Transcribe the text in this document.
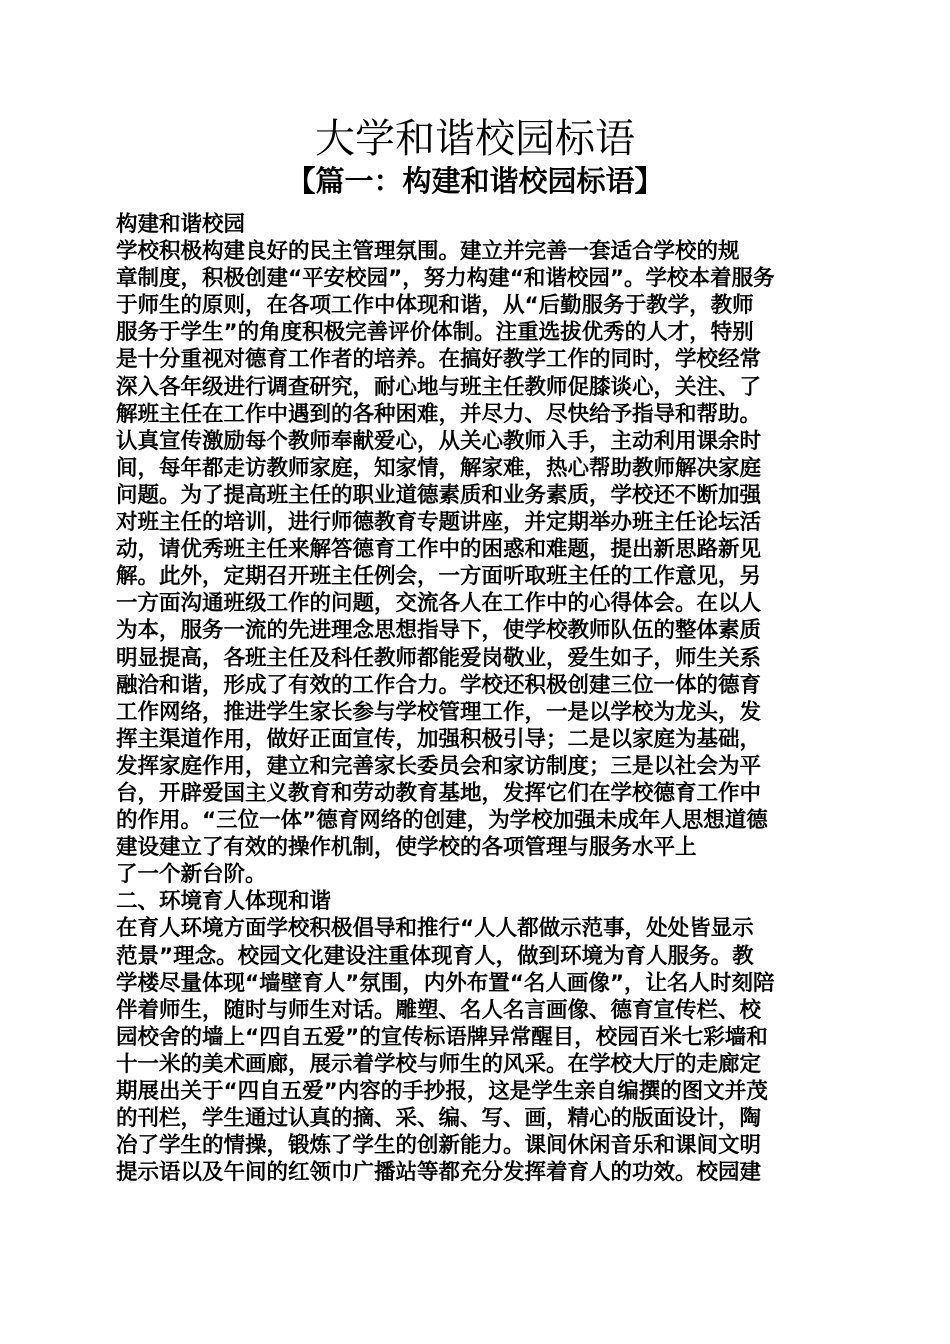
大学和谐校园标语
【篇一：构建和谐校园标语】
构建和谐校园
学校积极构建良好的民主管理氛围。建立并完善一套适合学校的规
章制度，积极创建“平安校园”，努力构建“和谐校园”。学校本着服务
于师生的原则，在各项工作中体现和谐，从“后勤服务于教学，教师
服务于学生”的角度积极完善评价体制。注重选拔优秀的人才，特别
是十分重视对德育工作者的培养。在搞好教学工作的同时，学校经常
深入各年级进行调查研究，耐心地与班主任教师促膝谈心，关注、了
解班主任在工作中遇到的各种困难，并尽力、尽快给予指导和帮助。
认真宣传激励每个教师奉献爱心，从关心教师入手，主动利用课余时
间，每年都走访教师家庭，知家情，解家难，热心帮助教师解决家庭
问题。为了提高班主任的职业道德素质和业务素质，学校还不断加强
对班主任的培训，进行师德教育专题讲座，并定期举办班主任论坛活
动，请优秀班主任来解答德育工作中的困惑和难题，提出新思路新见
解。此外，定期召开班主任例会，一方面听取班主任的工作意见，另
一方面沟通班级工作的问题，交流各人在工作中的心得体会。在以人
为本，服务一流的先进理念思想指导下，使学校教师队伍的整体素质
明显提高，各班主任及科任教师都能爱岗敬业，爱生如子，师生关系
融洽和谐，形成了有效的工作合力。学校还积极创建三位一体的德育
工作网络，推进学生家长参与学校管理工作，一是以学校为龙头，发
挥主渠道作用，做好正面宣传，加强积极引导；二是以家庭为基础，
发挥家庭作用，建立和完善家长委员会和家访制度；三是以社会为平
台，开辟爱国主义教育和劳动教育基地，发挥它们在学校德育工作中
的作用。“三位一体”德育网络的创建，为学校加强未成年人思想道德
建设建立了有效的操作机制，使学校的各项管理与服务水平上
了一个新台阶。
二、环境育人体现和谐
在育人环境方面学校积极倡导和推行“人人都做示范事，处处皆显示
范景”理念。校园文化建设注重体现育人，做到环境为育人服务。教
学楼尽量体现“墙壁育人”氛围，内外布置“名人画像”，让名人时刻陪
伴着师生，随时与师生对话。雕塑、名人名言画像、德育宣传栏、校
园校舍的墙上“四自五爱”的宣传标语牌异常醒目，校园百米七彩墙和
十一米的美术画廊，展示着学校与师生的风采。在学校大厅的走廊定
期展出关于“四自五爱”内容的手抄报，这是学生亲自编撰的图文并茂
的刊栏，学生通过认真的摘、采、编、写、画，精心的版面设计，陶
冶了学生的情操，锻炼了学生的创新能力。课间休闲音乐和课间文明
提示语以及午间的红领巾广播站等都充分发挥着育人的功效。校园建
